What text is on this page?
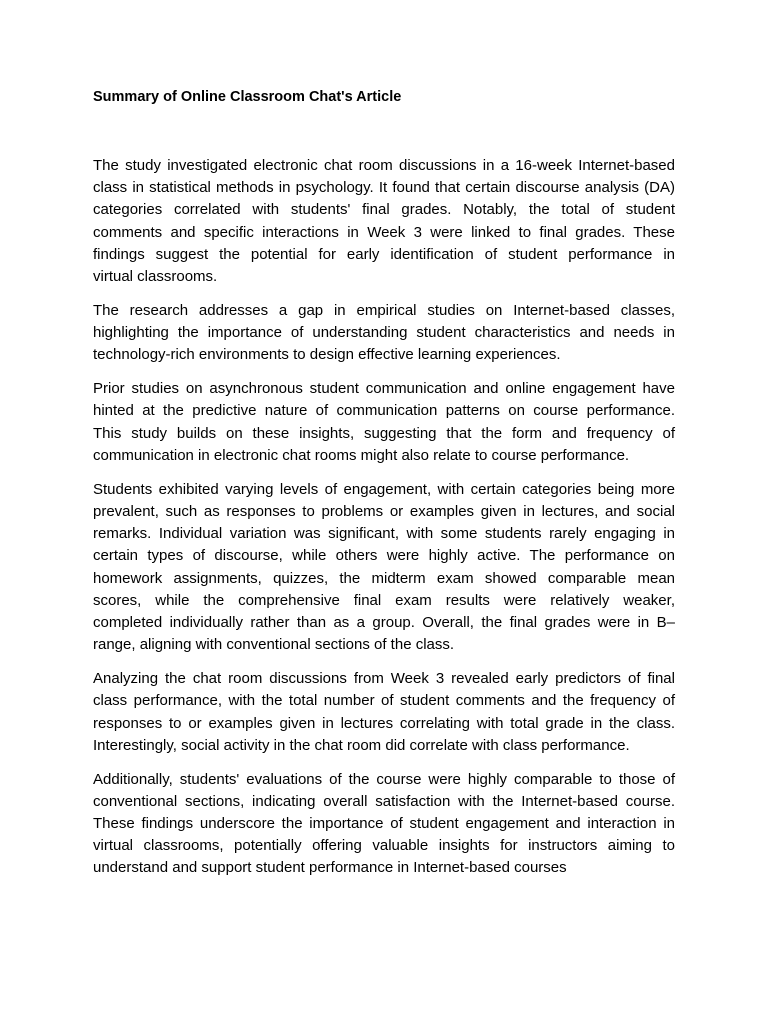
Summary of Online Classroom Chat's Article
The study investigated electronic chat room discussions in a 16-week Internet-based
class in statistical methods in psychology. It found that certain discourse analysis (DA)
categories correlated with students' final grades. Notably, the total of student
comments and specific interactions in Week 3 were linked to final grades. These
findings suggest the potential for early identification of student performance in
virtual classrooms.
The research addresses a gap in empirical studies on Internet-based classes,
highlighting the importance of understanding student characteristics and needs in
technology-rich environments to design effective learning experiences.
Prior studies on asynchronous student communication and online engagement have
hinted at the predictive nature of communication patterns on course performance.
This study builds on these insights, suggesting that the form and frequency of
communication in electronic chat rooms might also relate to course performance.
Students exhibited varying levels of engagement, with certain categories being more
prevalent, such as responses to problems or examples given in lectures, and social
remarks. Individual variation was significant, with some students rarely engaging in
certain types of discourse, while others were highly active. The performance on
homework assignments, quizzes, the midterm exam showed comparable mean
scores, while the comprehensive final exam results were relatively weaker,
completed individually rather than as a group. Overall, the final grades were in B–
range, aligning with conventional sections of the class.
Analyzing the chat room discussions from Week 3 revealed early predictors of final
class performance, with the total number of student comments and the frequency of
responses to or examples given in lectures correlating with total grade in the class.
Interestingly, social activity in the chat room did correlate with class performance.
Additionally, students' evaluations of the course were highly comparable to those of
conventional sections, indicating overall satisfaction with the Internet-based course.
These findings underscore the importance of student engagement and interaction in
virtual classrooms, potentially offering valuable insights for instructors aiming to
understand and support student performance in Internet-based courses
